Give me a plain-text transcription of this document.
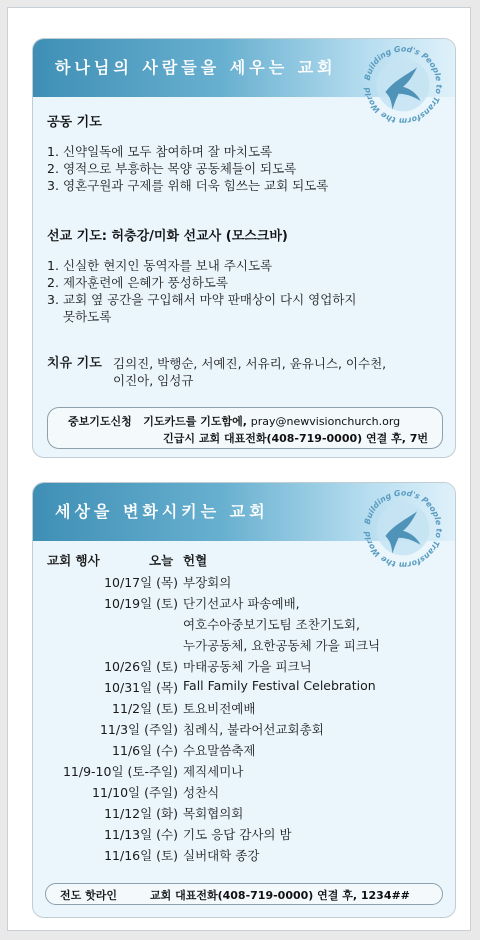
하나님의 사람들을 세우는 교회
Building God's People to Transform the World
공동 기도
1. 신약일독에 모두 참여하며 잘 마치도록
2. 영적으로 부흥하는 목양 공동체들이 되도록
3. 영혼구원과 구제를 위해 더욱 힘쓰는 교회 되도록
선교 기도: 허충강/미화 선교사 (모스크바)
1. 신실한 현지인 동역자를 보내 주시도록
2. 제자훈련에 은혜가 풍성하도록
3. 교회 옆 공간을 구입해서 마약 판매상이 다시 영업하지
못하도록
치유 기도 김의진, 박행순, 서예진, 서유리, 윤유니스, 이수천,
이진아, 임성규
중보기도신청 기도카드를 기도함에, pray@newvisionchurch.org
긴급시 교회 대표전화(408-719-0000) 연결 후, 7번
세상을 변화시키는 교회
Building God's People to Transform the World
교회 행사	오늘 헌혈
10/17일 (목) 부장회의
10/19일 (토) 단기선교사 파송예배,
여호수아중보기도팀 조찬기도회,
누가공동체, 요한공동체 가을 피크닉
10/26일 (토) 마태공동체 가을 피크닉
10/31일 (목) Fall Family Festival Celebration
11/2일 (토) 토요비전예배
11/3일 (주일) 침례식, 불라어선교회총회
11/6일 (수) 수요말씀축제
11/9-10일 (토-주일) 제직세미나
11/10일 (주일) 성찬식
11/12일 (화) 목회협의회
11/13일 (수) 기도 응답 감사의 밤
11/16일 (토) 실버대학 종강
전도 핫라인	교회 대표전화(408-719-0000) 연결 후, 1234##
